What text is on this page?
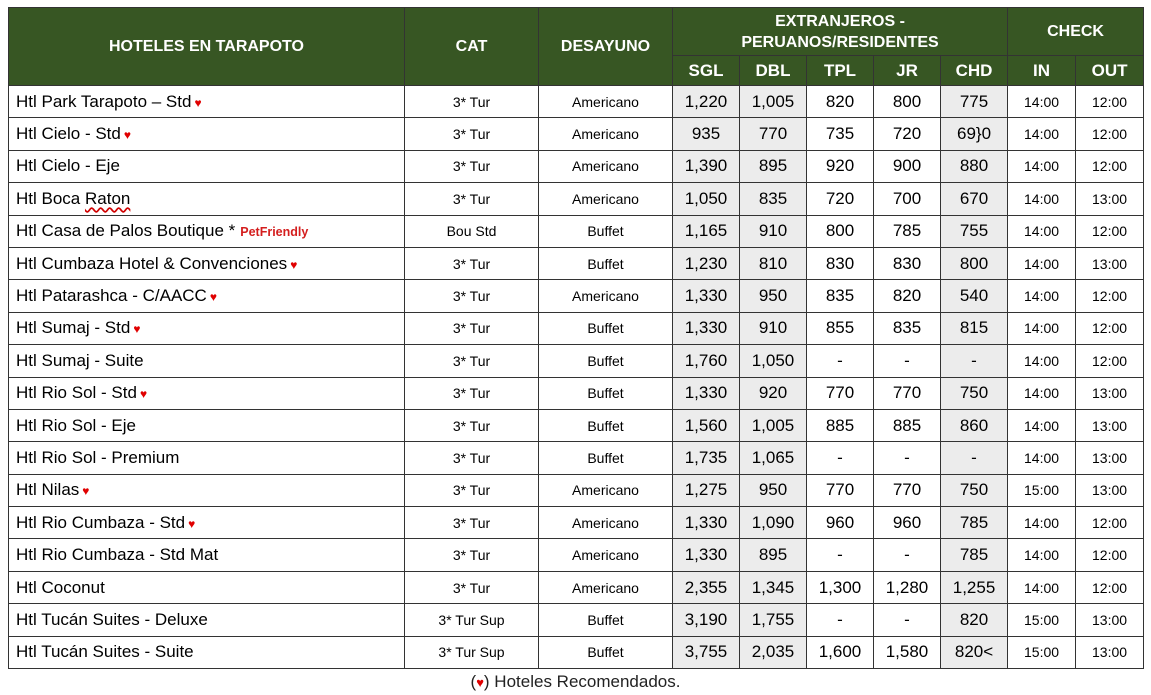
HOTELES EN TARAPOTO	CAT	DESAYUNO	EXTRANJEROS - PERUANOS/RESIDENTES					CHECK	
			SGL	DBL	TPL	JR	CHD	IN	OUT
Htl Park Tarapoto – Std ♥	3* Tur	Americano	1,220	1,005	820	800	775	14:00	12:00
Htl Cielo - Std ♥	3* Tur	Americano	935	770	735	720	69}0	14:00	12:00
Htl Cielo - Eje	3* Tur	Americano	1,390	895	920	900	880	14:00	12:00
Htl Boca Raton	3* Tur	Americano	1,050	835	720	700	670	14:00	13:00
Htl Casa de Palos Boutique * PetFriendly	Bou Std	Buffet	1,165	910	800	785	755	14:00	12:00
Htl Cumbaza Hotel & Convenciones ♥	3* Tur	Buffet	1,230	810	830	830	800	14:00	13:00
Htl Patarashca - C/AACC ♥	3* Tur	Americano	1,330	950	835	820	540	14:00	12:00
Htl Sumaj - Std ♥	3* Tur	Buffet	1,330	910	855	835	815	14:00	12:00
Htl Sumaj - Suite	3* Tur	Buffet	1,760	1,050	-	-	-	14:00	12:00
Htl Rio Sol - Std ♥	3* Tur	Buffet	1,330	920	770	770	750	14:00	13:00
Htl Rio Sol - Eje	3* Tur	Buffet	1,560	1,005	885	885	860	14:00	13:00
Htl Rio Sol - Premium	3* Tur	Buffet	1,735	1,065	-	-	-	14:00	13:00
Htl Nilas ♥	3* Tur	Americano	1,275	950	770	770	750	15:00	13:00
Htl Rio Cumbaza - Std ♥	3* Tur	Americano	1,330	1,090	960	960	785	14:00	12:00
Htl Rio Cumbaza - Std Mat	3* Tur	Americano	1,330	895	-	-	785	14:00	12:00
Htl Coconut	3* Tur	Americano	2,355	1,345	1,300	1,280	1,255	14:00	12:00
Htl Tucán Suites - Deluxe	3* Tur Sup	Buffet	3,190	1,755	-	-	820	15:00	13:00
Htl Tucán Suites - Suite	3* Tur Sup	Buffet	3,755	2,035	1,600	1,580	820<	15:00	13:00
(♥) Hoteles Recomendados.
